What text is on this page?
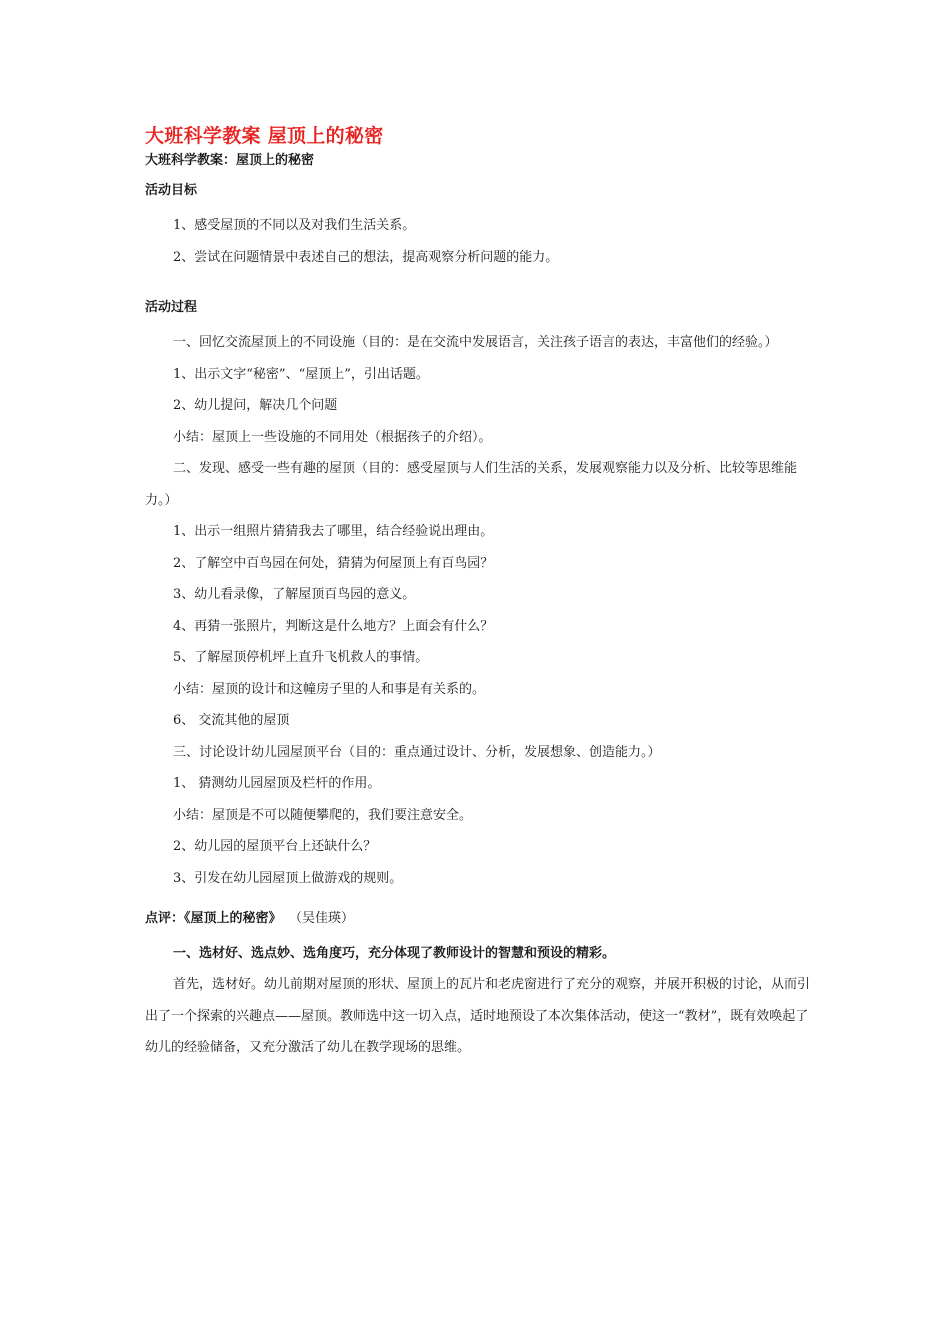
大班科学教案 屋顶上的秘密

大班科学教案：屋顶上的秘密

活动目标

1、感受屋顶的不同以及对我们生活关系。

2、尝试在问题情景中表述自己的想法，提高观察分析问题的能力。

活动过程

一、回忆交流屋顶上的不同设施（目的：是在交流中发展语言，关注孩子语言的表达，丰富他们的经验。）

1、出示文字“秘密”、“屋顶上”，引出话题。

2、幼儿提问，解决几个问题

小结：屋顶上一些设施的不同用处（根据孩子的介绍）。

二、发现、感受一些有趣的屋顶（目的：感受屋顶与人们生活的关系，发展观察能力以及分析、比较等思维能力。）

1、出示一组照片猜猜我去了哪里，结合经验说出理由。

2、了解空中百鸟园在何处，猜猜为何屋顶上有百鸟园？

3、幼儿看录像，了解屋顶百鸟园的意义。

4、再猜一张照片，判断这是什么地方？上面会有什么？

5、了解屋顶停机坪上直升飞机救人的事情。

小结：屋顶的设计和这幢房子里的人和事是有关系的。

6、 交流其他的屋顶

三、讨论设计幼儿园屋顶平台（目的：重点通过设计、分析，发展想象、创造能力。）

1、 猜测幼儿园屋顶及栏杆的作用。

小结：屋顶是不可以随便攀爬的，我们要注意安全。

2、幼儿园的屋顶平台上还缺什么？

3、引发在幼儿园屋顶上做游戏的规则。

点评：《屋顶上的秘密》 （吴佳瑛）

一、选材好、选点妙、选角度巧，充分体现了教师设计的智慧和预设的精彩。

首先，选材好。幼儿前期对屋顶的形状、屋顶上的瓦片和老虎窗进行了充分的观察，并展开积极的讨论，从而引出了一个探索的兴趣点——屋顶。教师选中这一切入点，适时地预设了本次集体活动，使这一“教材”，既有效唤起了幼儿的经验储备，又充分激活了幼儿在教学现场的思维。
